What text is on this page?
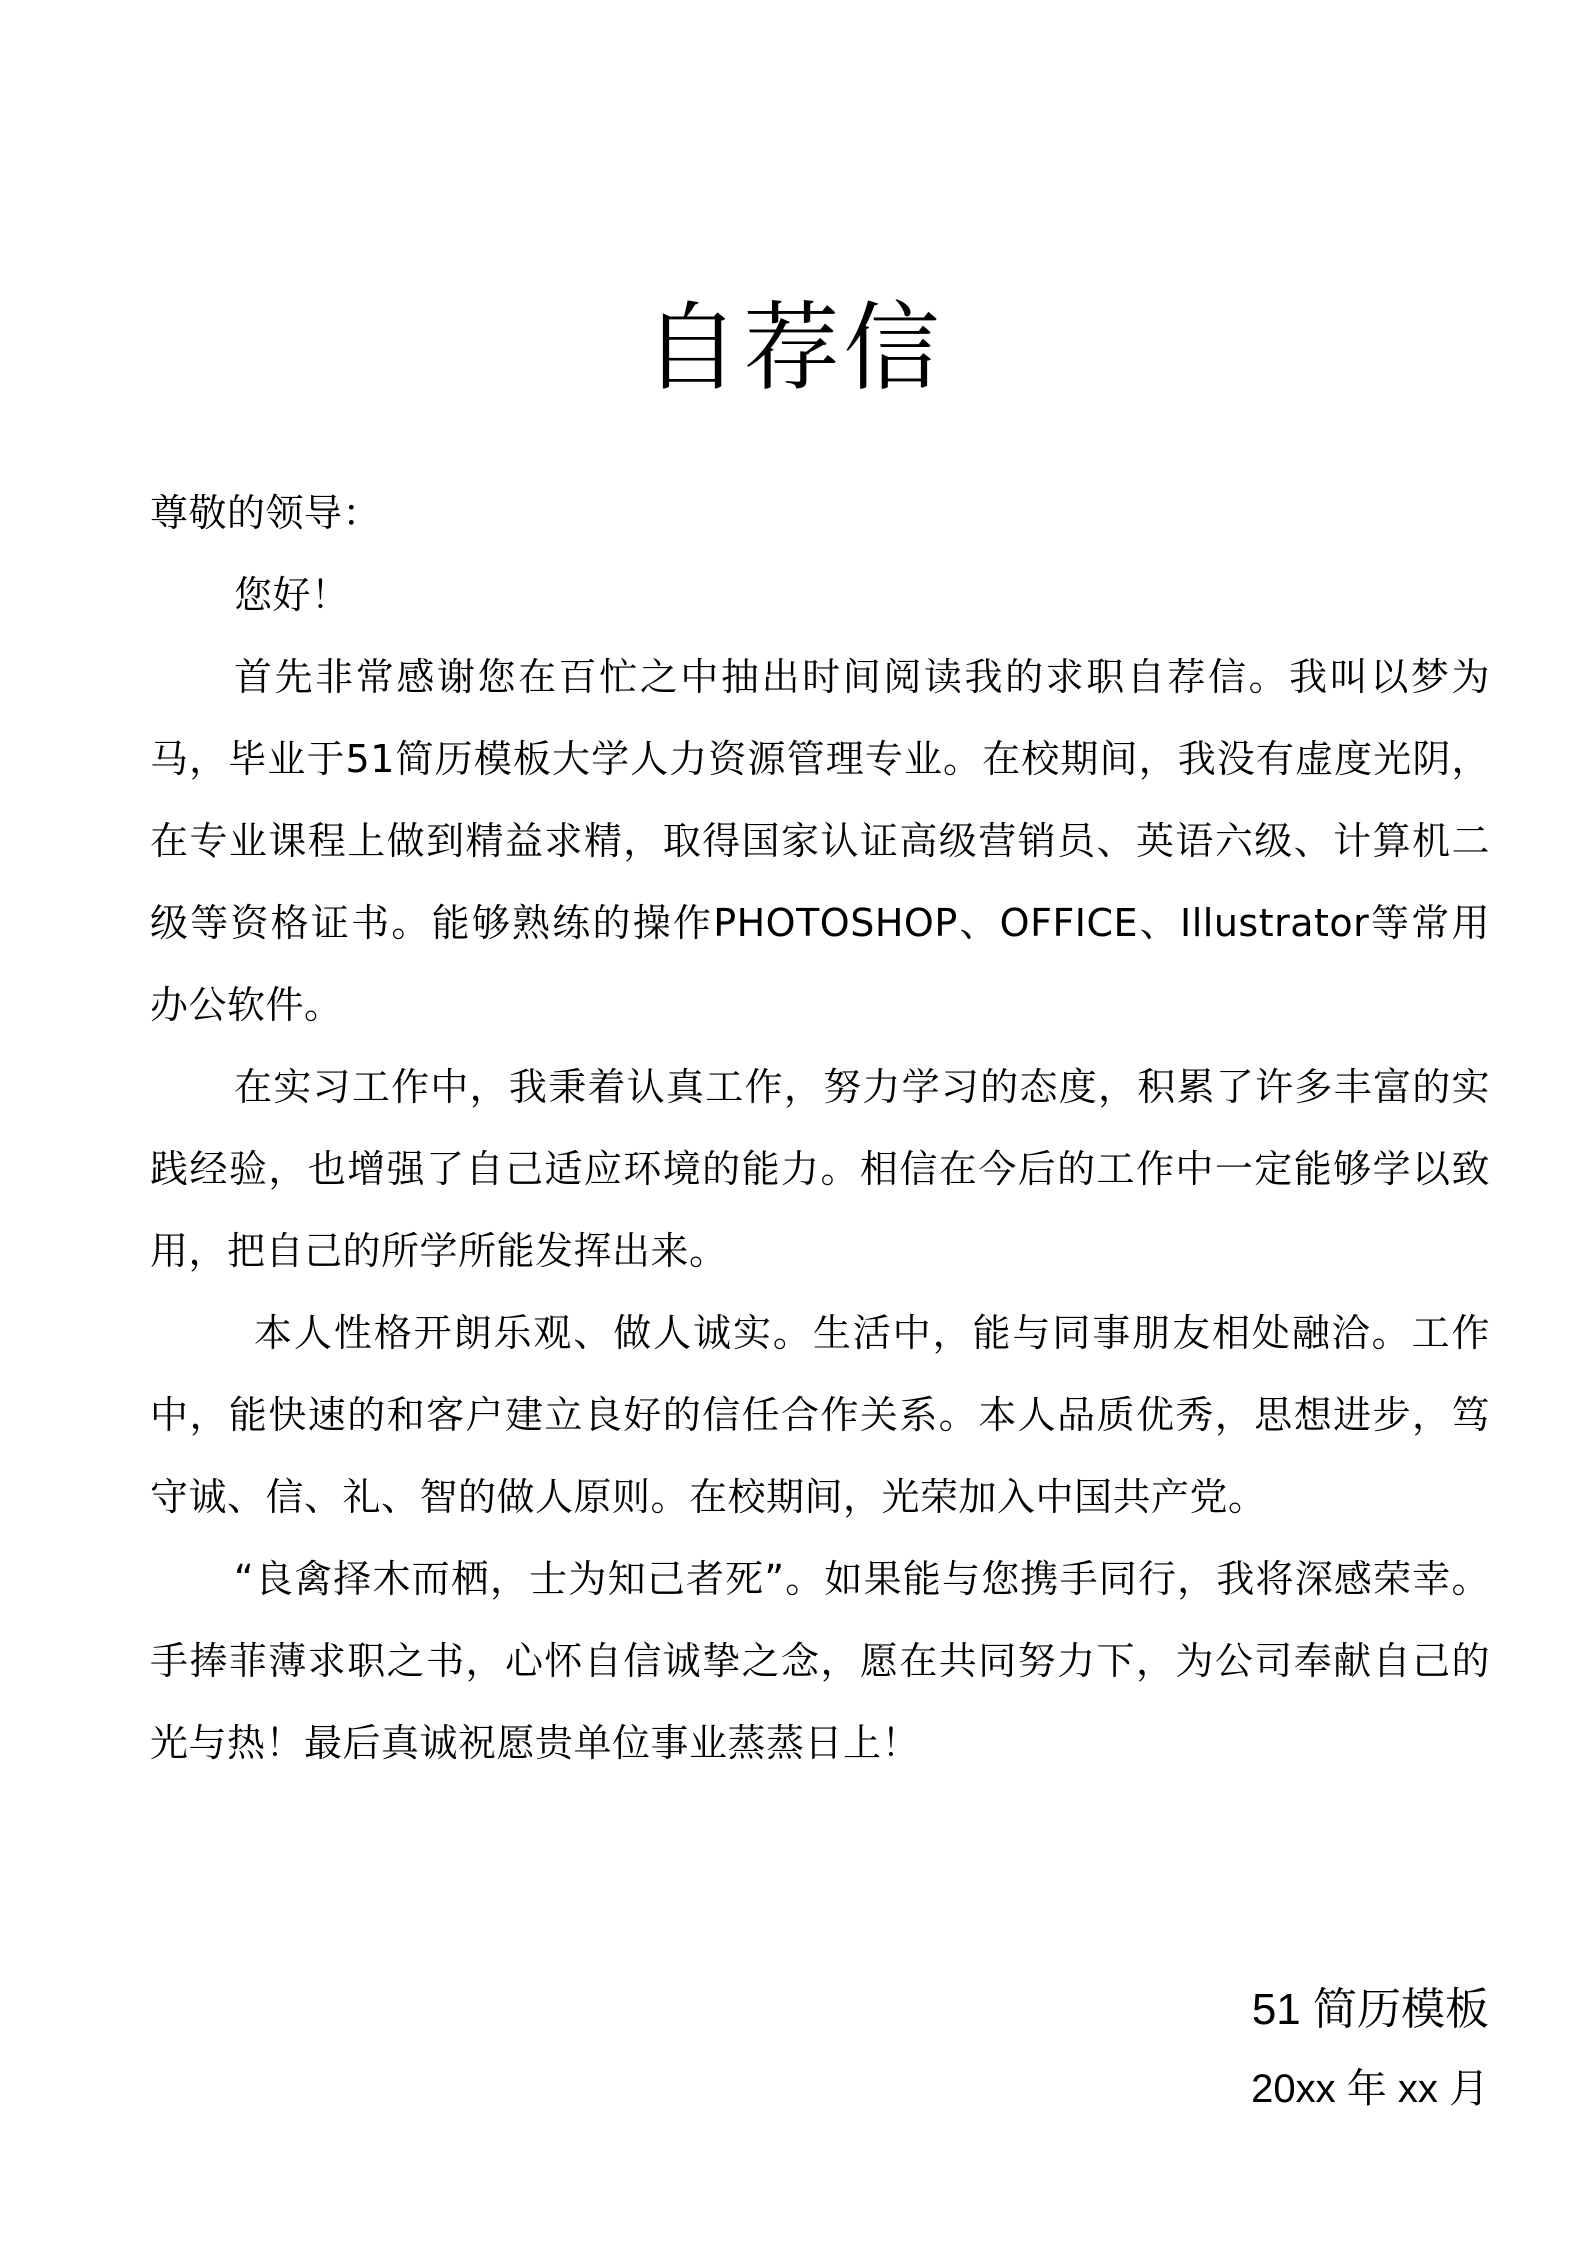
自荐信

尊敬的领导：

您好！

首先非常感谢您在百忙之中抽出时间阅读我的求职自荐信。我叫以梦为马，毕业于51简历模板大学人力资源管理专业。在校期间，我没有虚度光阴，在专业课程上做到精益求精，取得国家认证高级营销员、英语六级、计算机二级等资格证书。能够熟练的操作PHOTOSHOP、OFFICE、Illustrator等常用办公软件。

在实习工作中，我秉着认真工作，努力学习的态度，积累了许多丰富的实践经验，也增强了自己适应环境的能力。相信在今后的工作中一定能够学以致用，把自己的所学所能发挥出来。

本人性格开朗乐观、做人诚实。生活中，能与同事朋友相处融洽。工作中，能快速的和客户建立良好的信任合作关系。本人品质优秀，思想进步，笃守诚、信、礼、智的做人原则。在校期间，光荣加入中国共产党。

“良禽择木而栖，士为知己者死”。如果能与您携手同行，我将深感荣幸。手捧菲薄求职之书，心怀自信诚挚之念，愿在共同努力下，为公司奉献自己的光与热！最后真诚祝愿贵单位事业蒸蒸日上！

51 简历模板
20xx 年 xx 月
